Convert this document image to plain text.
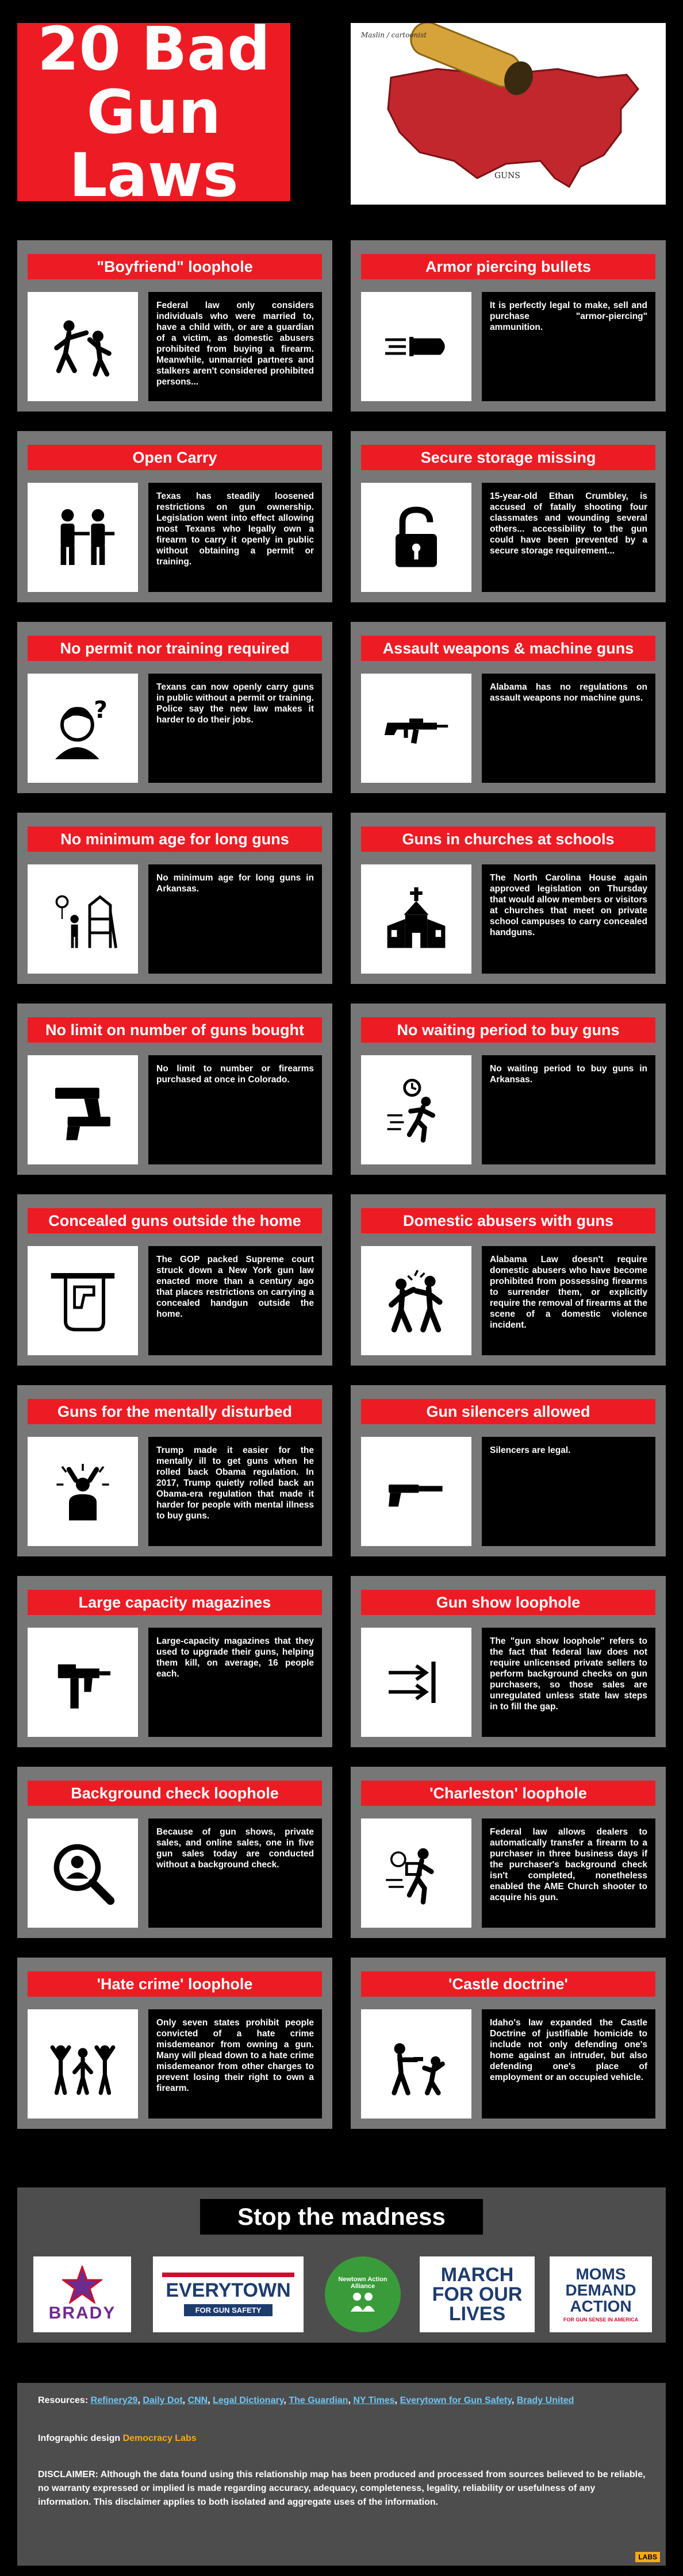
20 Bad Gun Laws
Maslin / cartoonist
GUNS
"Boyfriend" loophole
Federal law only considers individuals who were married to, have a child with, or are a guardian of a victim, as domestic abusers prohibited from buying a firearm. Meanwhile, unmarried partners and stalkers aren't considered prohibited persons...
Armor piercing bullets
It is perfectly legal to make, sell and purchase "armor-piercing" ammunition.
Open Carry
Texas has steadily loosened restrictions on gun ownership. Legislation went into effect allowing most Texans who legally own a firearm to carry it openly in public without obtaining a permit or training.
Secure storage missing
15-year-old Ethan Crumbley, is accused of fatally shooting four classmates and wounding several others... accessibility to the gun could have been prevented by a secure storage requirement...
No permit nor training required
?
Texans can now openly carry guns in public without a permit or training. Police say the new law makes it harder to do their jobs.
Assault weapons & machine guns
Alabama has no regulations on assault weapons nor machine guns.
No minimum age for long guns
No minimum age for long guns in Arkansas.
Guns in churches at schools
The North Carolina House again approved legislation on Thursday that would allow members or visitors at churches that meet on private school campuses to carry concealed handguns.
No limit on number of guns bought
No limit to number or firearms purchased at once in Colorado.
No waiting period to buy guns
No waiting period to buy guns in Arkansas.
Concealed guns outside the home
The GOP packed Supreme court struck down a New York gun law enacted more than a century ago that places restrictions on carrying a concealed handgun outside the home.
Domestic abusers with guns
Alabama Law doesn't require domestic abusers who have become prohibited from possessing firearms to surrender them, or explicitly require the removal of firearms at the scene of a domestic violence incident.
Guns for the mentally disturbed
Trump made it easier for the mentally ill to get guns when he rolled back Obama regulation. In 2017, Trump quietly rolled back an Obama-era regulation that made it harder for people with mental illness to buy guns.
Gun silencers allowed
Silencers are legal.
Large capacity magazines
Large-capacity magazines that they used to upgrade their guns, helping them kill, on average, 16 people each.
Gun show loophole
The "gun show loophole" refers to the fact that federal law does not require unlicensed private sellers to perform background checks on gun purchasers, so those sales are unregulated unless state law steps in to fill the gap.
Background check loophole
Because of gun shows, private sales, and online sales, one in five gun sales today are conducted without a background check.
'Charleston' loophole
Federal law allows dealers to automatically transfer a firearm to a purchaser in three business days if the purchaser's background check isn't completed, nonetheless enabled the AME Church shooter to acquire his gun.
'Hate crime' loophole
Only seven states prohibit people convicted of a hate crime misdemeanor from owning a gun. Many will plead down to a hate crime misdemeanor from other charges to prevent losing their right to own a firearm.
'Castle doctrine'
Idaho's law expanded the Castle Doctrine of justifiable homicide to include not only defending one's home against an intruder, but also defending one's place of employment or an occupied vehicle.
Stop the madness
BRADY
EVERYTOWN
FOR GUN SAFETY
Newtown Action Alliance
MARCH FOR OUR LIVES
MOMS DEMAND ACTION
FOR GUN SENSE IN AMERICA
Resources: Refinery29, Daily Dot, CNN, Legal Dictionary, The Guardian, NY Times, Everytown for Gun Safety, Brady United
Infographic design Democracy Labs
DISCLAIMER: Although the data found using this relationship map has been produced and processed from sources believed to be reliable, no warranty expressed or implied is made regarding accuracy, adequacy, completeness, legality, reliability or usefulness of any information. This disclaimer applies to both isolated and aggregate uses of the information.
LABS
